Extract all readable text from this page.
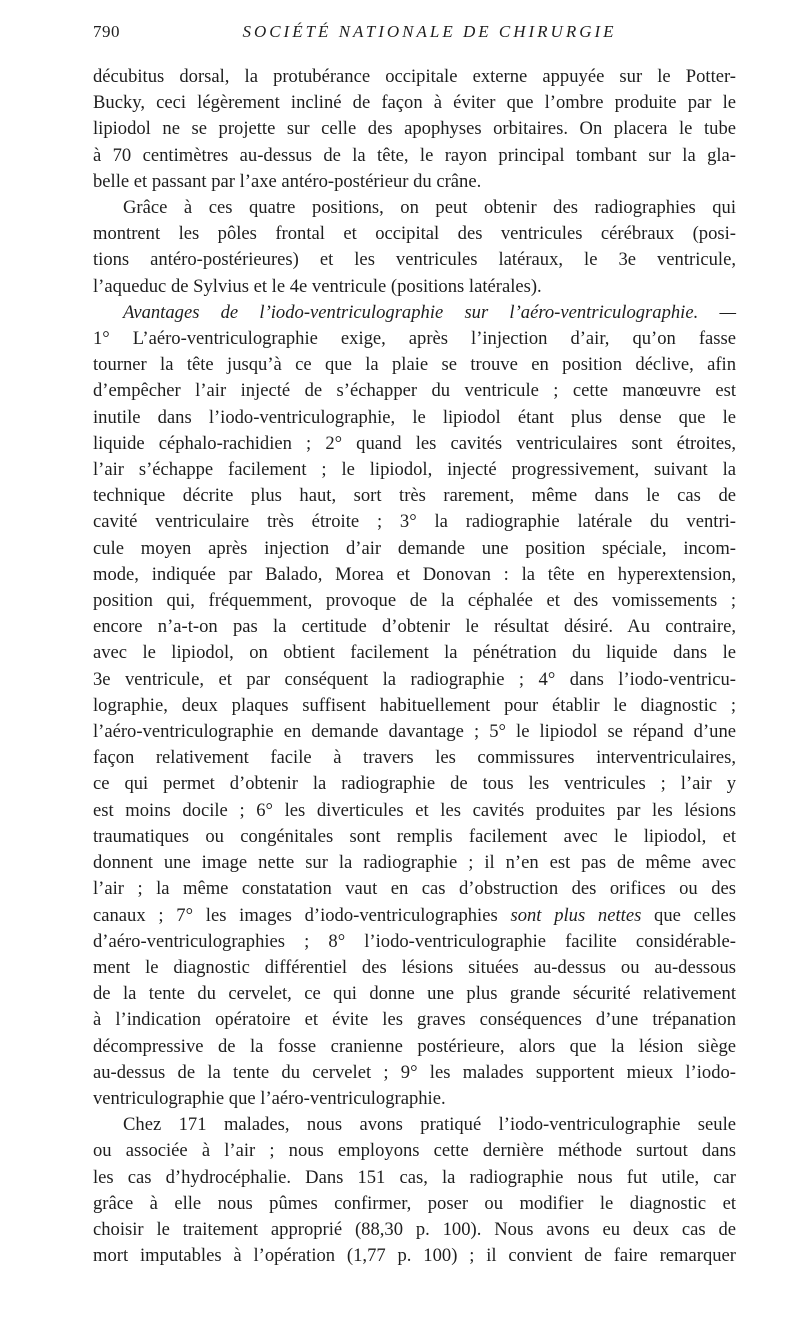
790	SOCIÉTÉ NATIONALE DE CHIRURGIE
décubitus dorsal, la protubérance occipitale externe appuyée sur le Potter-
Bucky, ceci légèrement incliné de façon à éviter que l’ombre produite par le
lipiodol ne se projette sur celle des apophyses orbitaires. On placera le tube
à 70 centimètres au-dessus de la tête, le rayon principal tombant sur la gla-
belle et passant par l’axe antéro-postérieur du crâne.
Grâce à ces quatre positions, on peut obtenir des radiographies qui
montrent les pôles frontal et occipital des ventricules cérébraux (posi-
tions antéro-postérieures) et les ventricules latéraux, le 3e ventricule,
l’aqueduc de Sylvius et le 4e ventricule (positions latérales).
Avantages de l’iodo-ventriculographie sur l’aéro-ventriculographie. —
1° L’aéro-ventriculographie exige, après l’injection d’air, qu’on fasse
tourner la tête jusqu’à ce que la plaie se trouve en position déclive, afin
d’empêcher l’air injecté de s’échapper du ventricule ; cette manœuvre est
inutile dans l’iodo-ventriculographie, le lipiodol étant plus dense que le
liquide céphalo-rachidien ; 2° quand les cavités ventriculaires sont étroites,
l’air s’échappe facilement ; le lipiodol, injecté progressivement, suivant la
technique décrite plus haut, sort très rarement, même dans le cas de
cavité ventriculaire très étroite ; 3° la radiographie latérale du ventri-
cule moyen après injection d’air demande une position spéciale, incom-
mode, indiquée par Balado, Morea et Donovan : la tête en hyperextension,
position qui, fréquemment, provoque de la céphalée et des vomissements ;
encore n’a-t-on pas la certitude d’obtenir le résultat désiré. Au contraire,
avec le lipiodol, on obtient facilement la pénétration du liquide dans le
3e ventricule, et par conséquent la radiographie ; 4° dans l’iodo-ventricu-
lographie, deux plaques suffisent habituellement pour établir le diagnostic ;
l’aéro-ventriculographie en demande davantage ; 5° le lipiodol se répand d’une
façon relativement facile à travers les commissures interventriculaires,
ce qui permet d’obtenir la radiographie de tous les ventricules ; l’air y
est moins docile ; 6° les diverticules et les cavités produites par les lésions
traumatiques ou congénitales sont remplis facilement avec le lipiodol, et
donnent une image nette sur la radiographie ; il n’en est pas de même avec
l’air ; la même constatation vaut en cas d’obstruction des orifices ou des
canaux ; 7° les images d’iodo-ventriculographies sont plus nettes que celles
d’aéro-ventriculographies ; 8° l’iodo-ventriculographie facilite considérable-
ment le diagnostic différentiel des lésions situées au-dessus ou au-dessous
de la tente du cervelet, ce qui donne une plus grande sécurité relativement
à l’indication opératoire et évite les graves conséquences d’une trépanation
décompressive de la fosse cranienne postérieure, alors que la lésion siège
au-dessus de la tente du cervelet ; 9° les malades supportent mieux l’iodo-
ventriculographie que l’aéro-ventriculographie.
Chez 171 malades, nous avons pratiqué l’iodo-ventriculographie seule
ou associée à l’air ; nous employons cette dernière méthode surtout dans
les cas d’hydrocéphalie. Dans 151 cas, la radiographie nous fut utile, car
grâce à elle nous pûmes confirmer, poser ou modifier le diagnostic et
choisir le traitement approprié (88,30 p. 100). Nous avons eu deux cas de
mort imputables à l’opération (1,77 p. 100) ; il convient de faire remarquer
